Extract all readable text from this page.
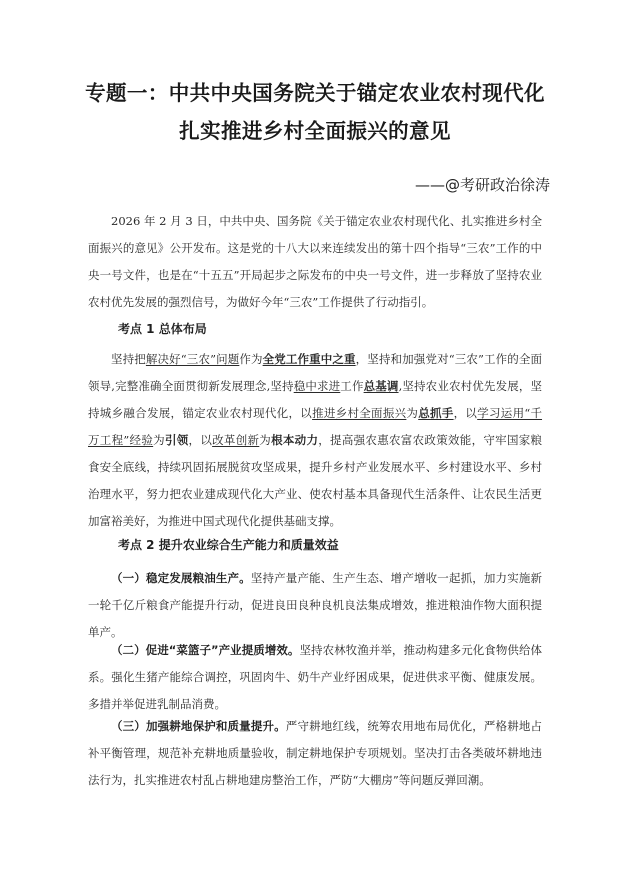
专题一：中共中央国务院关于锚定农业农村现代化
扎实推进乡村全面振兴的意见
——@考研政治徐涛
2026 年 2 月 3 日，中共中央、国务院《关于锚定农业农村现代化、扎实推进乡村全面振兴的意见》公开发布。这是党的十八大以来连续发出的第十四个指导“三农”工作的中央一号文件，也是在“十五五”开局起步之际发布的中央一号文件，进一步释放了坚持农业农村优先发展的强烈信号，为做好今年“三农”工作提供了行动指引。
考点 1 总体布局
坚持把解决好“三农”问题作为全党工作重中之重，坚持和加强党对“三农”工作的全面领导,完整准确全面贯彻新发展理念,坚持稳中求进工作总基调,坚持农业农村优先发展，坚持城乡融合发展，锚定农业农村现代化，以推进乡村全面振兴为总抓手，以学习运用“千万工程”经验为引领，以改革创新为根本动力，提高强农惠农富农政策效能，守牢国家粮食安全底线，持续巩固拓展脱贫攻坚成果，提升乡村产业发展水平、乡村建设水平、乡村治理水平，努力把农业建成现代化大产业、使农村基本具备现代生活条件、让农民生活更加富裕美好，为推进中国式现代化提供基础支撑。
考点 2 提升农业综合生产能力和质量效益
（一）稳定发展粮油生产。坚持产量产能、生产生态、增产增收一起抓，加力实施新一轮千亿斤粮食产能提升行动，促进良田良种良机良法集成增效，推进粮油作物大面积提单产。
（二）促进“菜篮子”产业提质增效。坚持农林牧渔并举，推动构建多元化食物供给体系。强化生猪产能综合调控，巩固肉牛、奶牛产业纾困成果，促进供求平衡、健康发展。多措并举促进乳制品消费。
（三）加强耕地保护和质量提升。严守耕地红线，统筹农用地布局优化，严格耕地占补平衡管理，规范补充耕地质量验收，制定耕地保护专项规划。坚决打击各类破坏耕地违法行为，扎实推进农村乱占耕地建房整治工作，严防“大棚房”等问题反弹回潮。
